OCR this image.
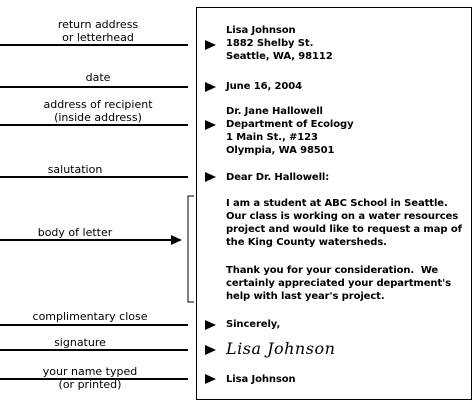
return address
or letterhead
date
address of recipient
(inside address)
salutation
body of letter
complimentary close
signature
your name typed
(or printed)
Lisa Johnson
1882 Shelby St.
Seattle, WA, 98112
June 16, 2004
Dr. Jane Hallowell
Department of Ecology
1 Main St., #123
Olympia, WA 98501
Dear Dr. Hallowell:
I am a student at ABC School in Seattle.
Our class is working on a water resources
project and would like to request a map of
the King County watersheds.
Thank you for your consideration.  We
certainly appreciated your department's
help with last year's project.
Sincerely,
Lisa Johnson
Lisa Johnson
